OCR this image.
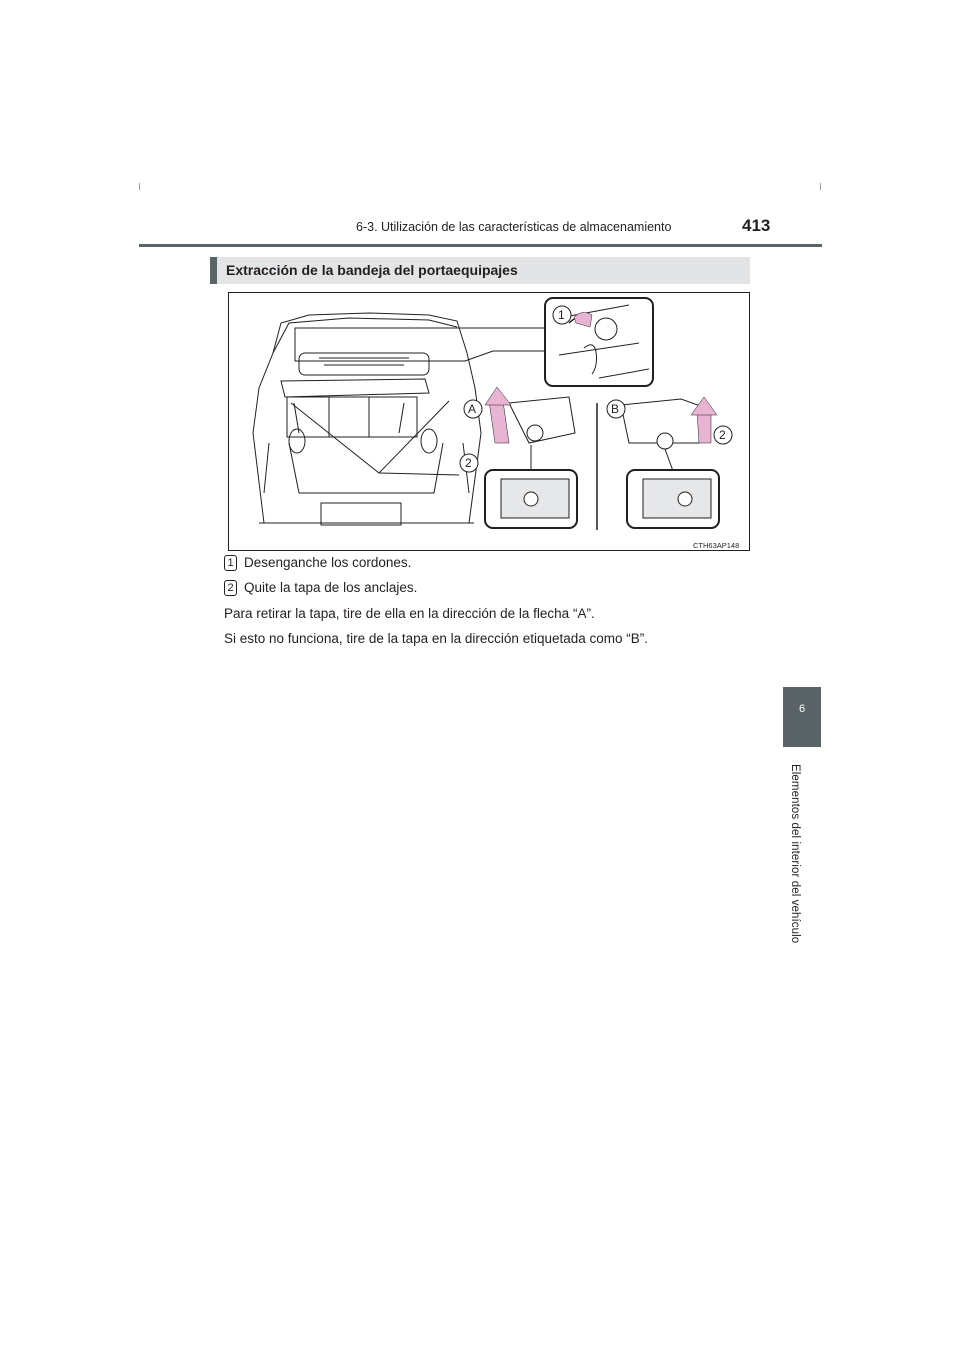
6-3. Utilización de las características de almacenamiento	413
6
Elementos del interior del vehículo
Extracción de la bandeja del portaequipajes
1
A
2
B
2
CTH63AP148
1 Desenganche los cordones.
2 Quite la tapa de los anclajes.
Para retirar la tapa, tire de ella en la dirección de la flecha “A”.
Si esto no funciona, tire de la tapa en la dirección etiquetada como “B”.
